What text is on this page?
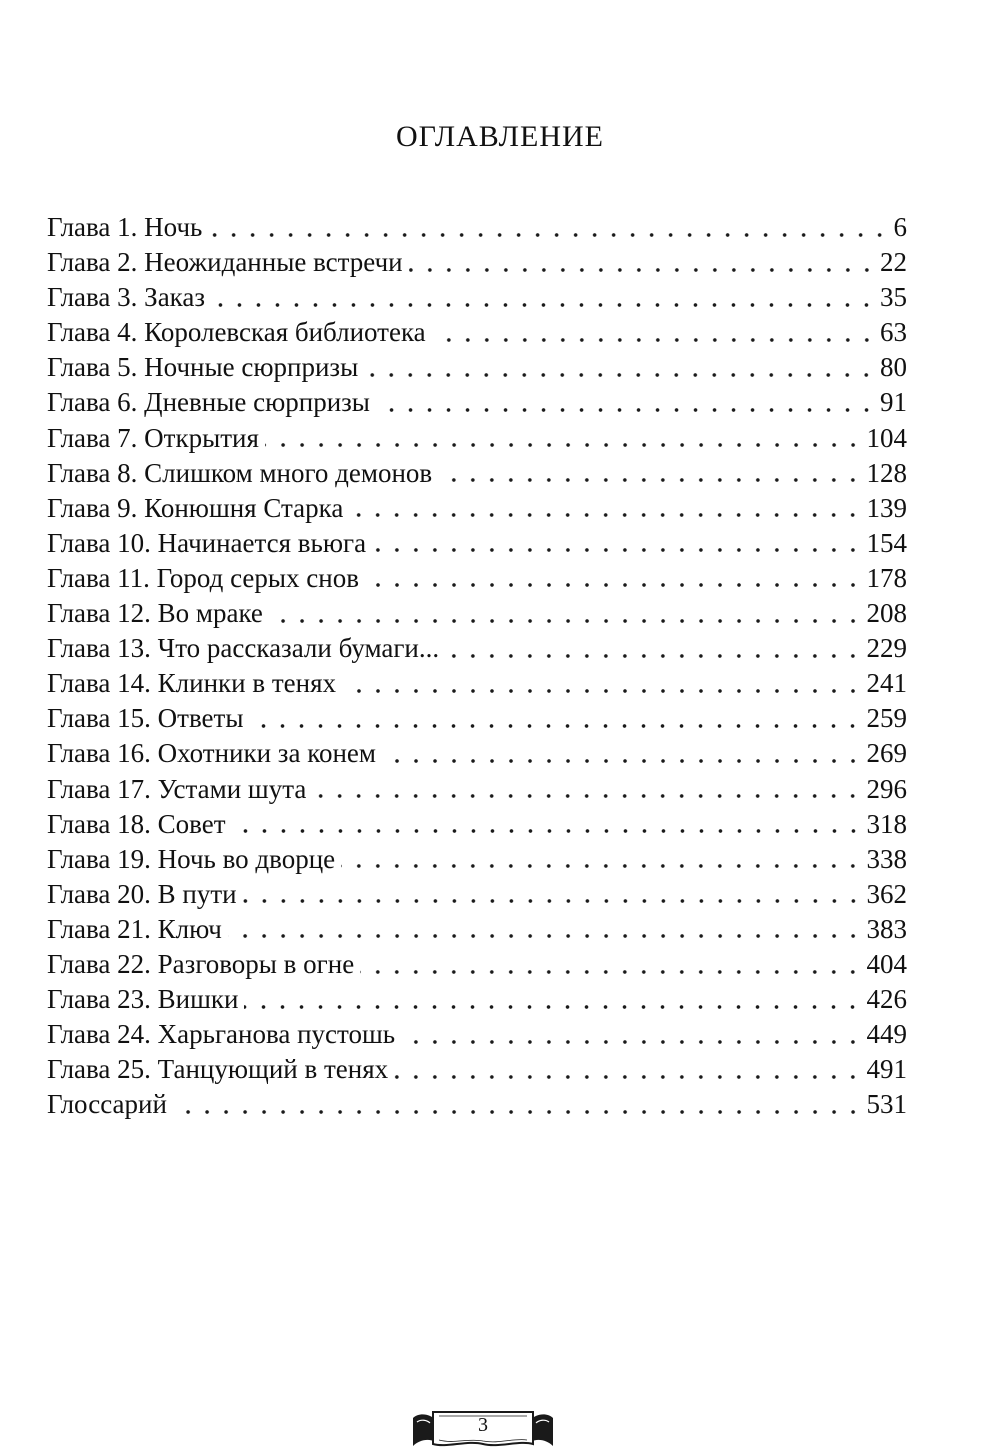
ОГЛАВЛЕНИЕ
Глава 1. Ночь	6
Глава 2. Неожиданные встречи	22
Глава 3. Заказ	35
Глава 4. Королевская библиотека	63
Глава 5. Ночные сюрпризы	80
Глава 6. Дневные сюрпризы	91
Глава 7. Открытия	104
Глава 8. Слишком много демонов	128
Глава 9. Конюшня Старка	139
Глава 10. Начинается вьюга	154
Глава 11. Город серых снов	178
Глава 12. Во мраке	208
Глава 13. Что рассказали бумаги...	229
Глава 14. Клинки в тенях	241
Глава 15. Ответы	259
Глава 16. Охотники за конем	269
Глава 17. Устами шута	296
Глава 18. Совет	318
Глава 19. Ночь во дворце	338
Глава 20. В пути	362
Глава 21. Ключ	383
Глава 22. Разговоры в огне	404
Глава 23. Вишки	426
Глава 24. Харьганова пустошь	449
Глава 25. Танцующий в тенях	491
Глоссарий	531
3
